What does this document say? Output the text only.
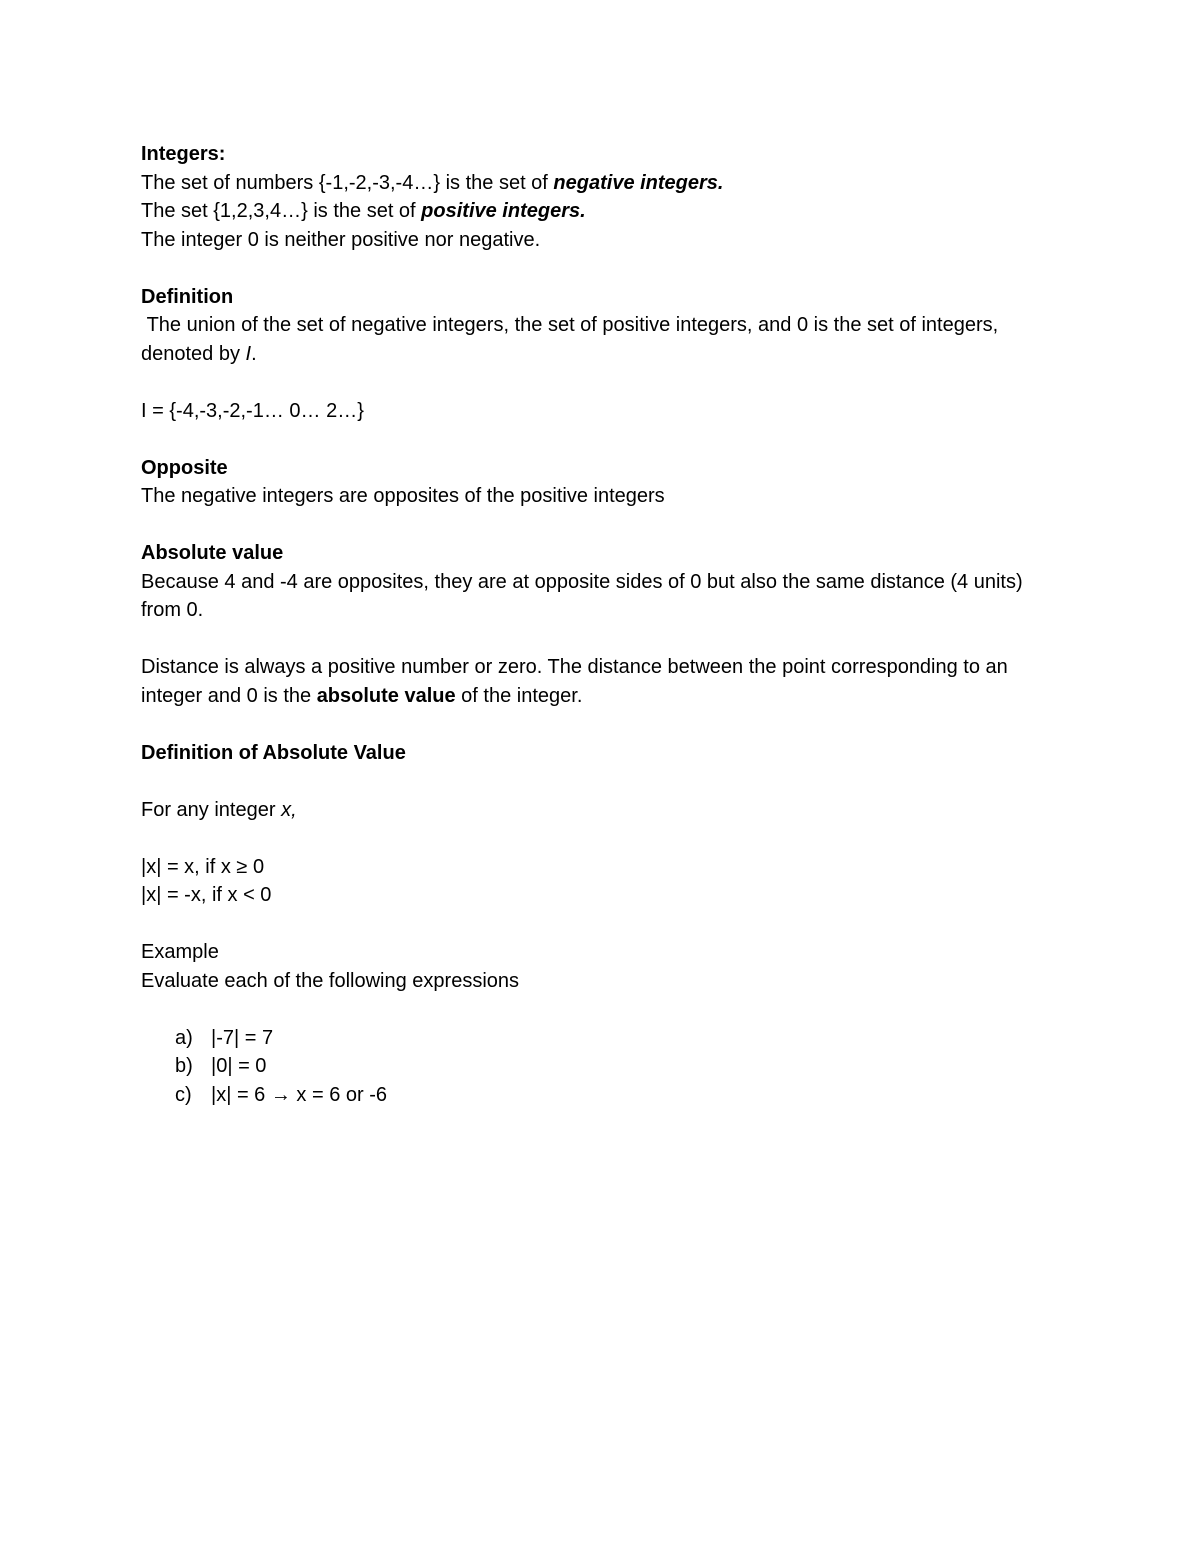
Integers:

The set of numbers {-1,-2,-3,-4…} is the set of negative integers.

The set {1,2,3,4…} is the set of positive integers.

The integer 0 is neither positive nor negative.

Definition

The union of the set of negative integers, the set of positive integers, and 0 is the set of integers, denoted by I.

I = {-4,-3,-2,-1… 0… 2…}

Opposite

The negative integers are opposites of the positive integers

Absolute value

Because 4 and -4 are opposites, they are at opposite sides of 0 but also the same distance (4 units) from 0.

Distance is always a positive number or zero. The distance between the point corresponding to an integer and 0 is the absolute value of the integer.

Definition of Absolute Value

For any integer x,

|x| = x, if x ≥ 0

|x| = -x, if x < 0

Example

Evaluate each of the following expressions

a) |-7| = 7
b) |0| = 0
c) |x| = 6 → x = 6 or -6
